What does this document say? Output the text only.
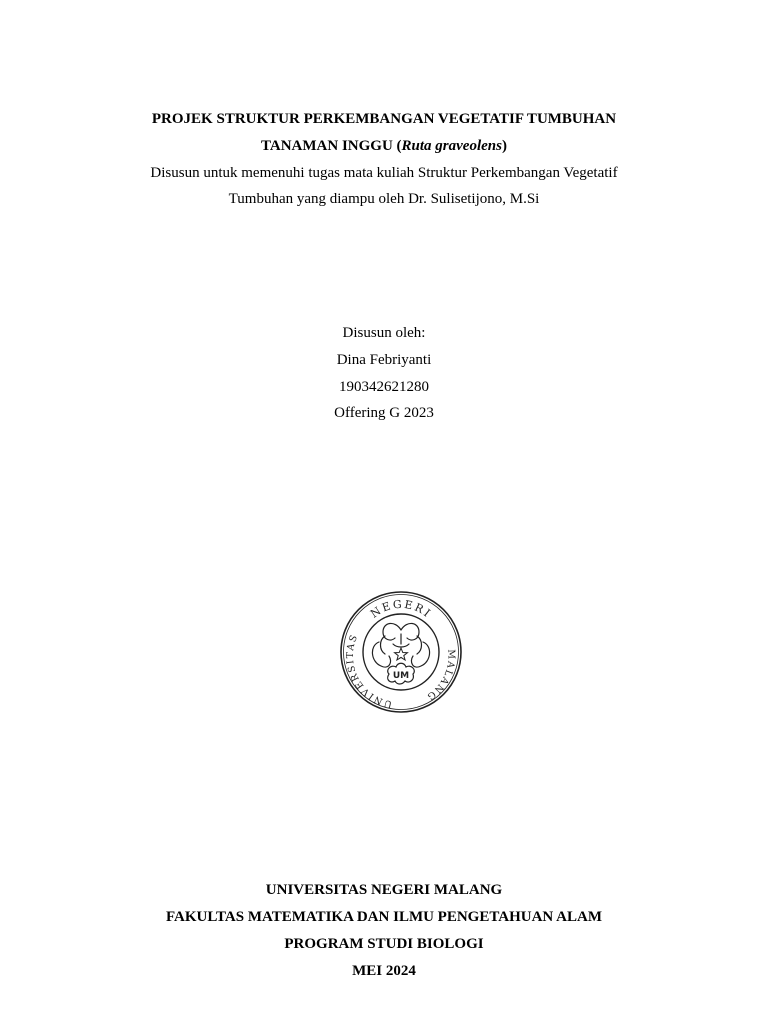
PROJEK STRUKTUR PERKEMBANGAN VEGETATIF TUMBUHAN
TANAMAN INGGU (Ruta graveolens)
Disusun untuk memenuhi tugas mata kuliah Struktur Perkembangan Vegetatif
Tumbuhan yang diampu oleh Dr. Sulisetijono, M.Si
Disusun oleh:
Dina Febriyanti
190342621280
Offering G 2023
NEGERI
UNIVERSITAS
MALANG
UM
UNIVERSITAS NEGERI MALANG
FAKULTAS MATEMATIKA DAN ILMU PENGETAHUAN ALAM
PROGRAM STUDI BIOLOGI
MEI 2024
